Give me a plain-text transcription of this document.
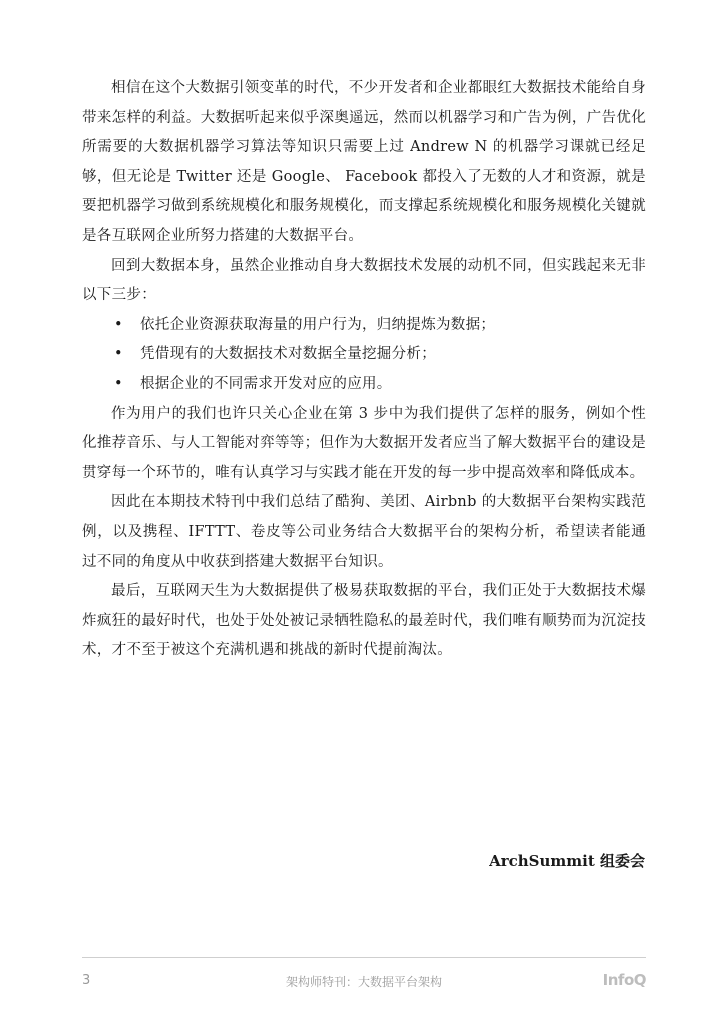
相信在这个大数据引领变革的时代，不少开发者和企业都眼红大数据技术能给自身带来怎样的利益。大数据听起来似乎深奥遥远，然而以机器学习和广告为例，广告优化所需要的大数据机器学习算法等知识只需要上过 Andrew N 的机器学习课就已经足够，但无论是 Twitter 还是 Google、 Facebook 都投入了无数的人才和资源，就是要把机器学习做到系统规模化和服务规模化，而支撑起系统规模化和服务规模化关键就是各互联网企业所努力搭建的大数据平台。

回到大数据本身，虽然企业推动自身大数据技术发展的动机不同，但实践起来无非以下三步：

• 依托企业资源获取海量的用户行为，归纳提炼为数据；
• 凭借现有的大数据技术对数据全量挖掘分析；
• 根据企业的不同需求开发对应的应用。

作为用户的我们也许只关心企业在第 3 步中为我们提供了怎样的服务，例如个性化推荐音乐、与人工智能对弈等等；但作为大数据开发者应当了解大数据平台的建设是贯穿每一个环节的，唯有认真学习与实践才能在开发的每一步中提高效率和降低成本。

因此在本期技术特刊中我们总结了酷狗、美团、Airbnb 的大数据平台架构实践范例，以及携程、IFTTT、卷皮等公司业务结合大数据平台的架构分析，希望读者能通过不同的角度从中收获到搭建大数据平台知识。

最后，互联网天生为大数据提供了极易获取数据的平台，我们正处于大数据技术爆炸疯狂的最好时代，也处于处处被记录牺牲隐私的最差时代，我们唯有顺势而为沉淀技术，才不至于被这个充满机遇和挑战的新时代提前淘汰。

ArchSummit 组委会
3	架构师特刊：大数据平台架构	InfoQ
